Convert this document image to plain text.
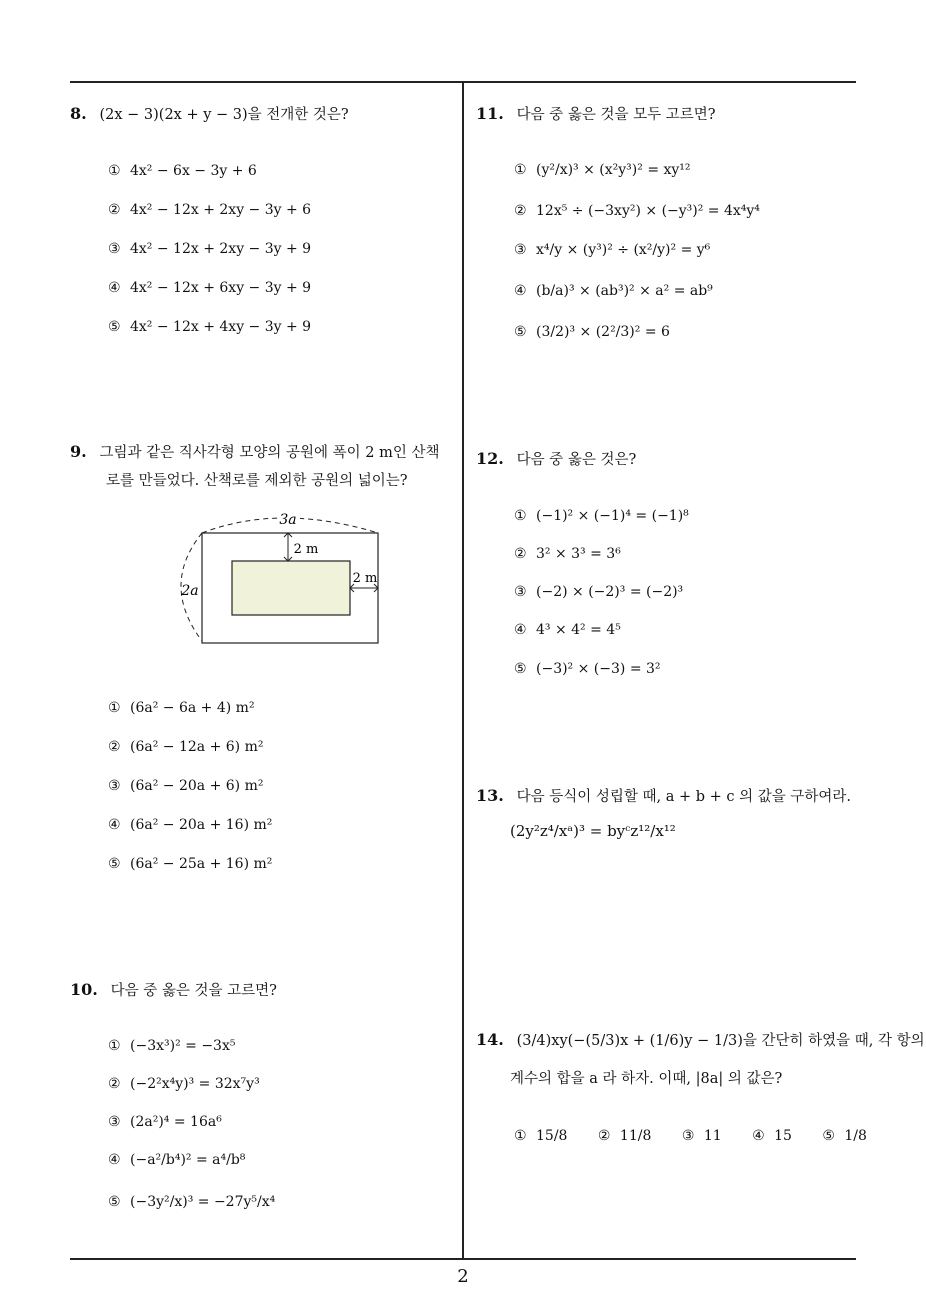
8. (2x − 3)(2x + y − 3)을 전개한 것은?
① 4x² − 6x − 3y + 6
② 4x² − 12x + 2xy − 3y + 6
③ 4x² − 12x + 2xy − 3y + 9
④ 4x² − 12x + 6xy − 3y + 9
⑤ 4x² − 12x + 4xy − 3y + 9
9. 그림과 같은 직사각형 모양의 공원에 폭이 2 m인 산책
로를 만들었다. 산책로를 제외한 공원의 넓이는?
3a
2a
2 m
2 m
① (6a² − 6a + 4) m²
② (6a² − 12a + 6) m²
③ (6a² − 20a + 6) m²
④ (6a² − 20a + 16) m²
⑤ (6a² − 25a + 16) m²
10. 다음 중 옳은 것을 고르면?
① (−3x³)² = −3x⁵
② (−2²x⁴y)³ = 32x⁷y³
③ (2a²)⁴ = 16a⁶
④ (−a²/b⁴)² = a⁴/b⁸
⑤ (−3y²/x)³ = −27y⁵/x⁴
11. 다음 중 옳은 것을 모두 고르면?
① (y²/x)³ × (x²y³)² = xy¹²
② 12x⁵ ÷ (−3xy²) × (−y³)² = 4x⁴y⁴
③ x⁴/y × (y³)² ÷ (x²/y)² = y⁶
④ (b/a)³ × (ab³)² × a² = ab⁹
⑤ (3/2)³ × (2²/3)² = 6
12. 다음 중 옳은 것은?
① (−1)² × (−1)⁴ = (−1)⁸
② 3² × 3³ = 3⁶
③ (−2) × (−2)³ = (−2)³
④ 4³ × 4² = 4⁵
⑤ (−3)² × (−3) = 3²
13. 다음 등식이 성립할 때, a + b + c 의 값을 구하여라.
(2y²z⁴/xᵃ)³ = byᶜz¹²/x¹²
14. (3/4)xy(−(5/3)x + (1/6)y − 1/3)을 간단히 하였을 때, 각 항의
계수의 합을 a 라 하자. 이때, |8a| 의 값은?
① 15/8 ② 11/8 ③ 11 ④ 15 ⑤ 1/8
2
